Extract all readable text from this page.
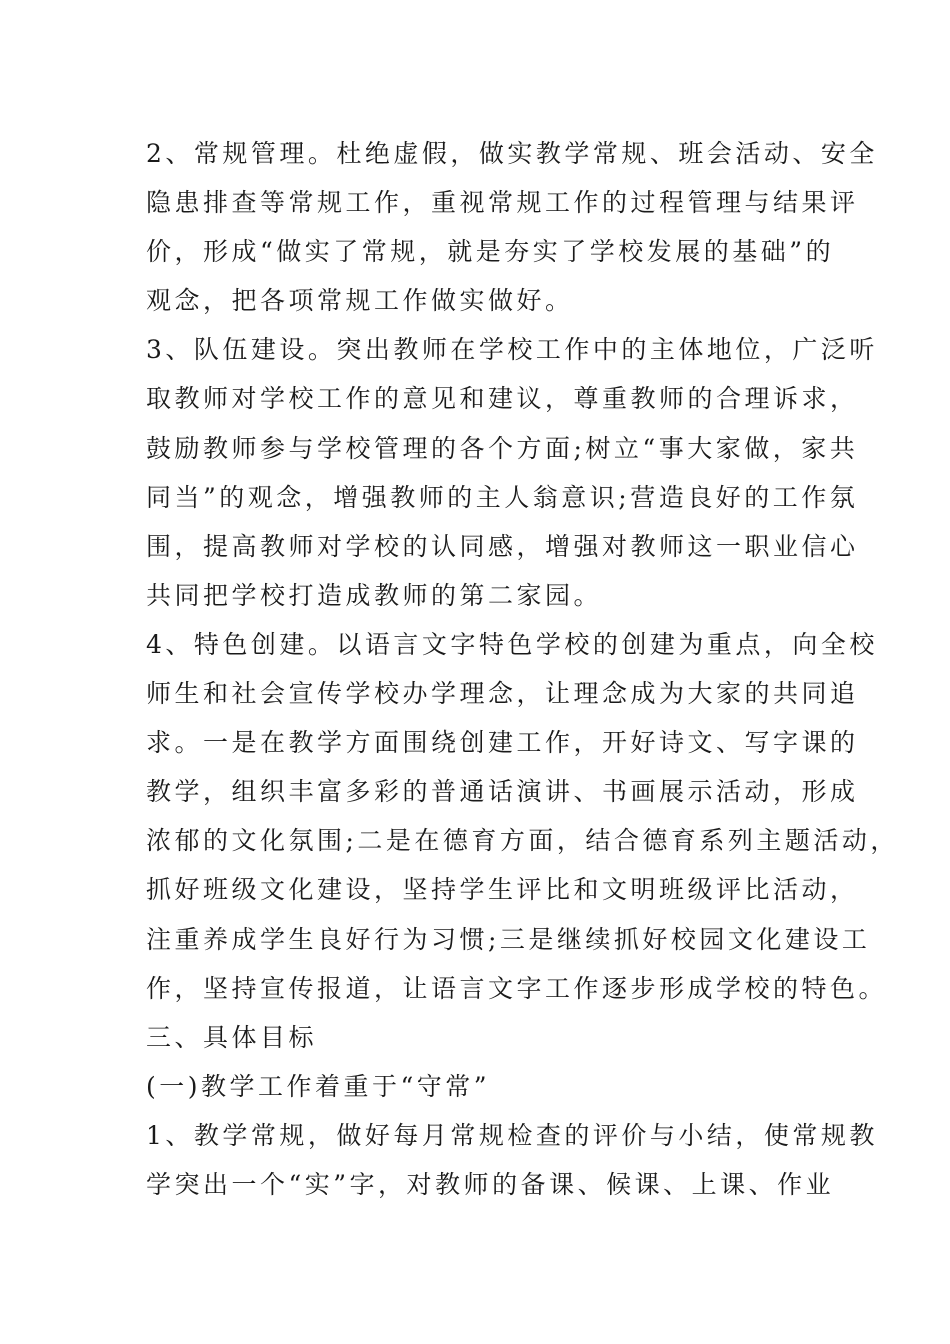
2、常规管理。杜绝虚假，做实教学常规、班会活动、安全
隐患排查等常规工作，重视常规工作的过程管理与结果评
价，形成“做实了常规，就是夯实了学校发展的基础”的
观念，把各项常规工作做实做好。
3、队伍建设。突出教师在学校工作中的主体地位，广泛听
取教师对学校工作的意见和建议，尊重教师的合理诉求，
鼓励教师参与学校管理的各个方面;树立“事大家做，家共
同当”的观念，增强教师的主人翁意识;营造良好的工作氛
围，提高教师对学校的认同感，增强对教师这一职业信心
共同把学校打造成教师的第二家园。
4、特色创建。以语言文字特色学校的创建为重点，向全校
师生和社会宣传学校办学理念，让理念成为大家的共同追
求。一是在教学方面围绕创建工作，开好诗文、写字课的
教学，组织丰富多彩的普通话演讲、书画展示活动，形成
浓郁的文化氛围;二是在德育方面，结合德育系列主题活动，
抓好班级文化建设，坚持学生评比和文明班级评比活动，
注重养成学生良好行为习惯;三是继续抓好校园文化建设工
作，坚持宣传报道，让语言文字工作逐步形成学校的特色。
三、具体目标
(一)教学工作着重于“守常”
1、教学常规，做好每月常规检查的评价与小结，使常规教
学突出一个“实”字，对教师的备课、候课、上课、作业
